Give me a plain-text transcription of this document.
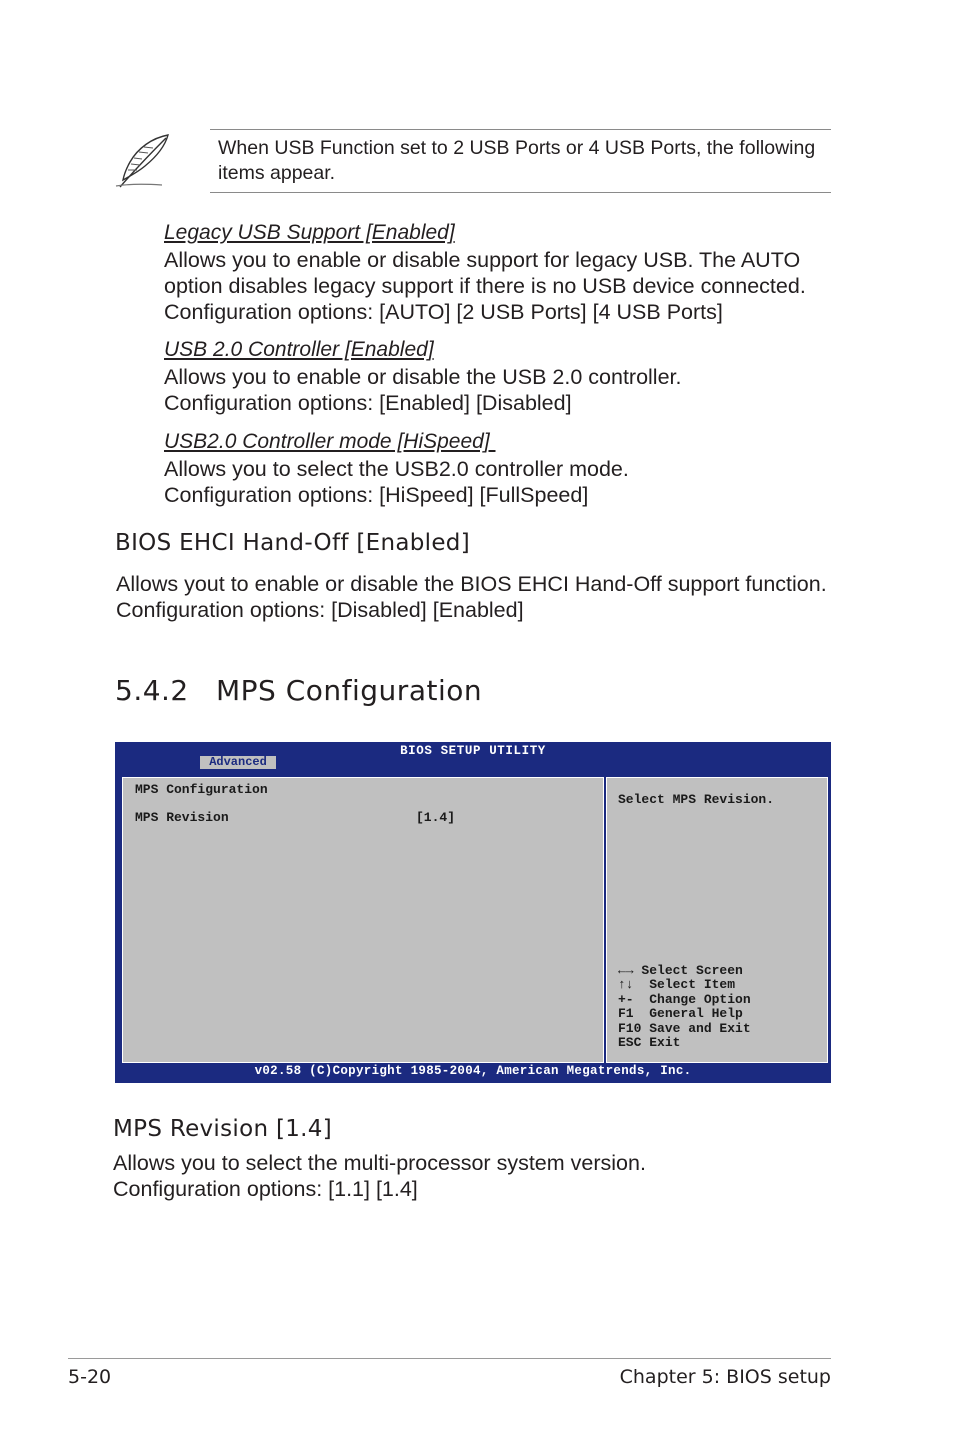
When USB Function set to 2 USB Ports or 4 USB Ports, the following items appear.
Legacy USB Support [Enabled]
Allows you to enable or disable support for legacy USB. The AUTO
option disables legacy support if there is no USB device connected.
Configuration options: [AUTO] [2 USB Ports] [4 USB Ports]
USB 2.0 Controller [Enabled]
Allows you to enable or disable the USB 2.0 controller.
Configuration options: [Enabled] [Disabled]
USB2.0 Controller mode [HiSpeed]
Allows you to select the USB2.0 controller mode.
Configuration options: [HiSpeed] [FullSpeed]
BIOS EHCI Hand-Off [Enabled]
Allows yout to enable or disable the BIOS EHCI Hand-Off support function.
Configuration options: [Disabled] [Enabled]
5.4.2 MPS Configuration
BIOS SETUP UTILITY
Advanced
MPS Configuration
MPS Revision	[1.4]
Select MPS Revision.
←→ Select Screen
↑↓ Select Item
+- Change Option
F1 General Help
F10 Save and Exit
ESC Exit
v02.58 (C)Copyright 1985-2004, American Megatrends, Inc.
MPS Revision [1.4]
Allows you to select the multi-processor system version.
Configuration options: [1.1] [1.4]
5-20	Chapter 5: BIOS setup
